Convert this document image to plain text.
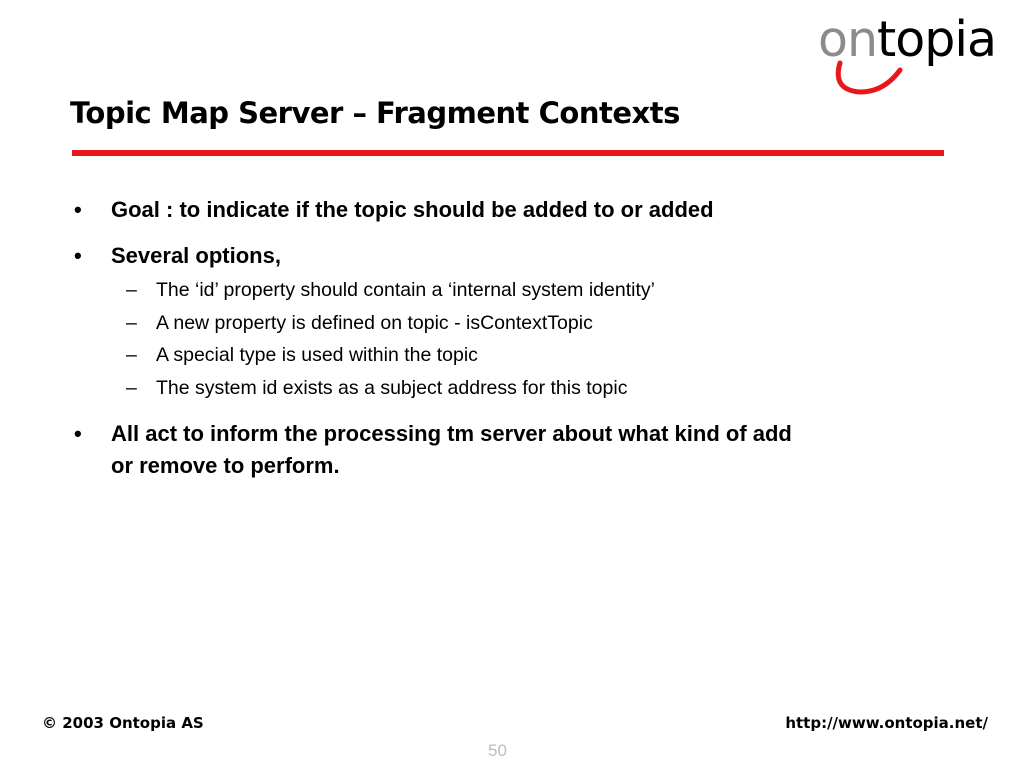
ontopia
Topic Map Server – Fragment Contexts
• Goal : to indicate if the topic should be added to or added
• Several options,
– The ‘id’ property should contain a ‘internal system identity’
– A new property is defined on topic - isContextTopic
– A special type is used within the topic
– The system id exists as a subject address for this topic
• All act to inform the processing tm server about what kind of add
or remove to perform.
© 2003 Ontopia AS	http://www.ontopia.net/
50
